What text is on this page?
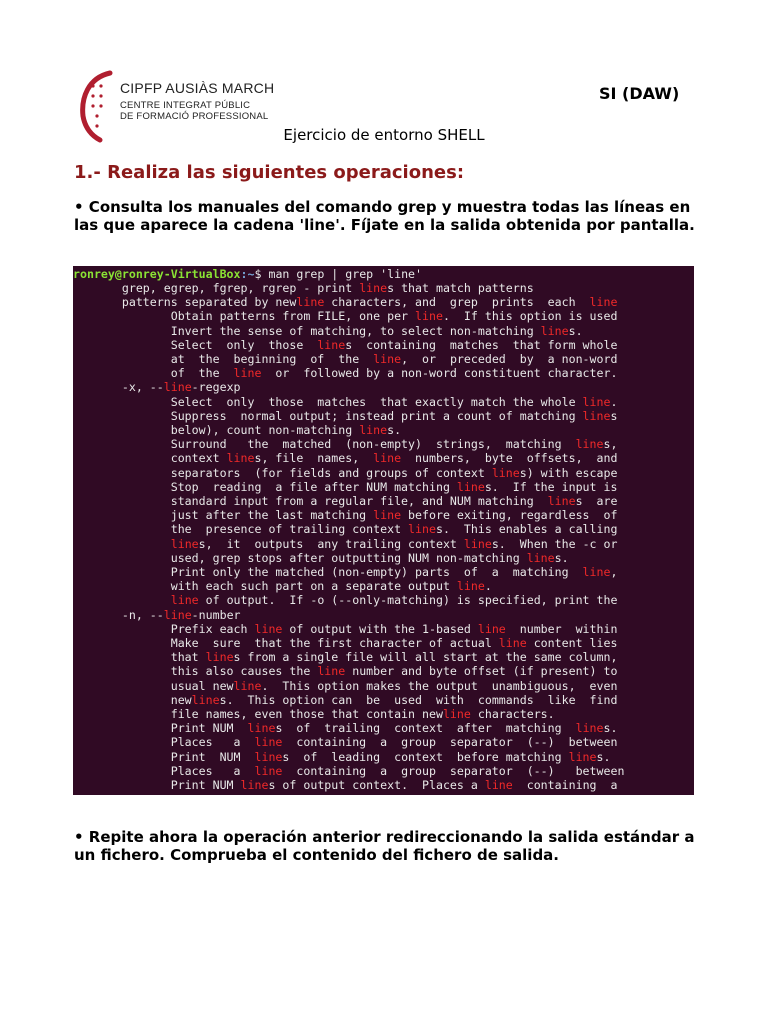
CIPFP AUSIÀS MARCH
CENTRE INTEGRAT PÚBLIC
DE FORMACIÓ PROFESSIONAL
SI (DAW)
Ejercicio de entorno SHELL
1.- Realiza las siguientes operaciones:
• Consulta los manuales del comando grep y muestra todas las líneas en las que aparece la cadena 'line'. Fíjate en la salida obtenida por pantalla.
ronrey@ronrey-VirtualBox:~$ man grep | grep 'line'
grep, egrep, fgrep, rgrep - print lines that match patterns
patterns separated by newline characters, and  grep  prints  each  line
Obtain patterns from FILE, one per line.  If this option is used
Invert the sense of matching, to select non-matching lines.
Select  only  those  lines  containing  matches  that form whole
at  the  beginning  of  the  line,  or  preceded  by  a non-word
of  the  line  or  followed by a non-word constituent character.
-x, --line-regexp
Select  only  those  matches  that exactly match the whole line.
Suppress  normal output; instead print a count of matching lines
below), count non-matching lines.
Surround   the  matched  (non-empty)  strings,  matching  lines,
context lines, file  names,  line  numbers,  byte  offsets,  and
separators  (for fields and groups of context lines) with escape
Stop  reading  a file after NUM matching lines.  If the input is
standard input from a regular file, and NUM matching  lines  are
just after the last matching line before exiting, regardless  of
the  presence of trailing context lines.  This enables a calling
lines,  it  outputs  any trailing context lines.  When the -c or
used, grep stops after outputting NUM non-matching lines.
Print only the matched (non-empty) parts  of  a  matching  line,
with each such part on a separate output line.
line of output.  If -o (--only-matching) is specified, print the
-n, --line-number
Prefix each line of output with the 1-based line  number  within
Make  sure  that the first character of actual line content lies
that lines from a single file will all start at the same column,
this also causes the line number and byte offset (if present) to
usual newline.  This option makes the output  unambiguous,  even
newlines.  This option can  be  used  with  commands  like  find
file names, even those that contain newline characters.
Print NUM  lines  of  trailing  context  after  matching  lines.
Places   a  line  containing  a  group  separator  (--)  between
Print  NUM  lines  of  leading  context  before matching lines.
Places   a  line  containing  a  group  separator  (--)   between
Print NUM lines of output context.  Places a line  containing  a
• Repite ahora la operación anterior redireccionando la salida estándar a un fichero. Comprueba el contenido del fichero de salida.
